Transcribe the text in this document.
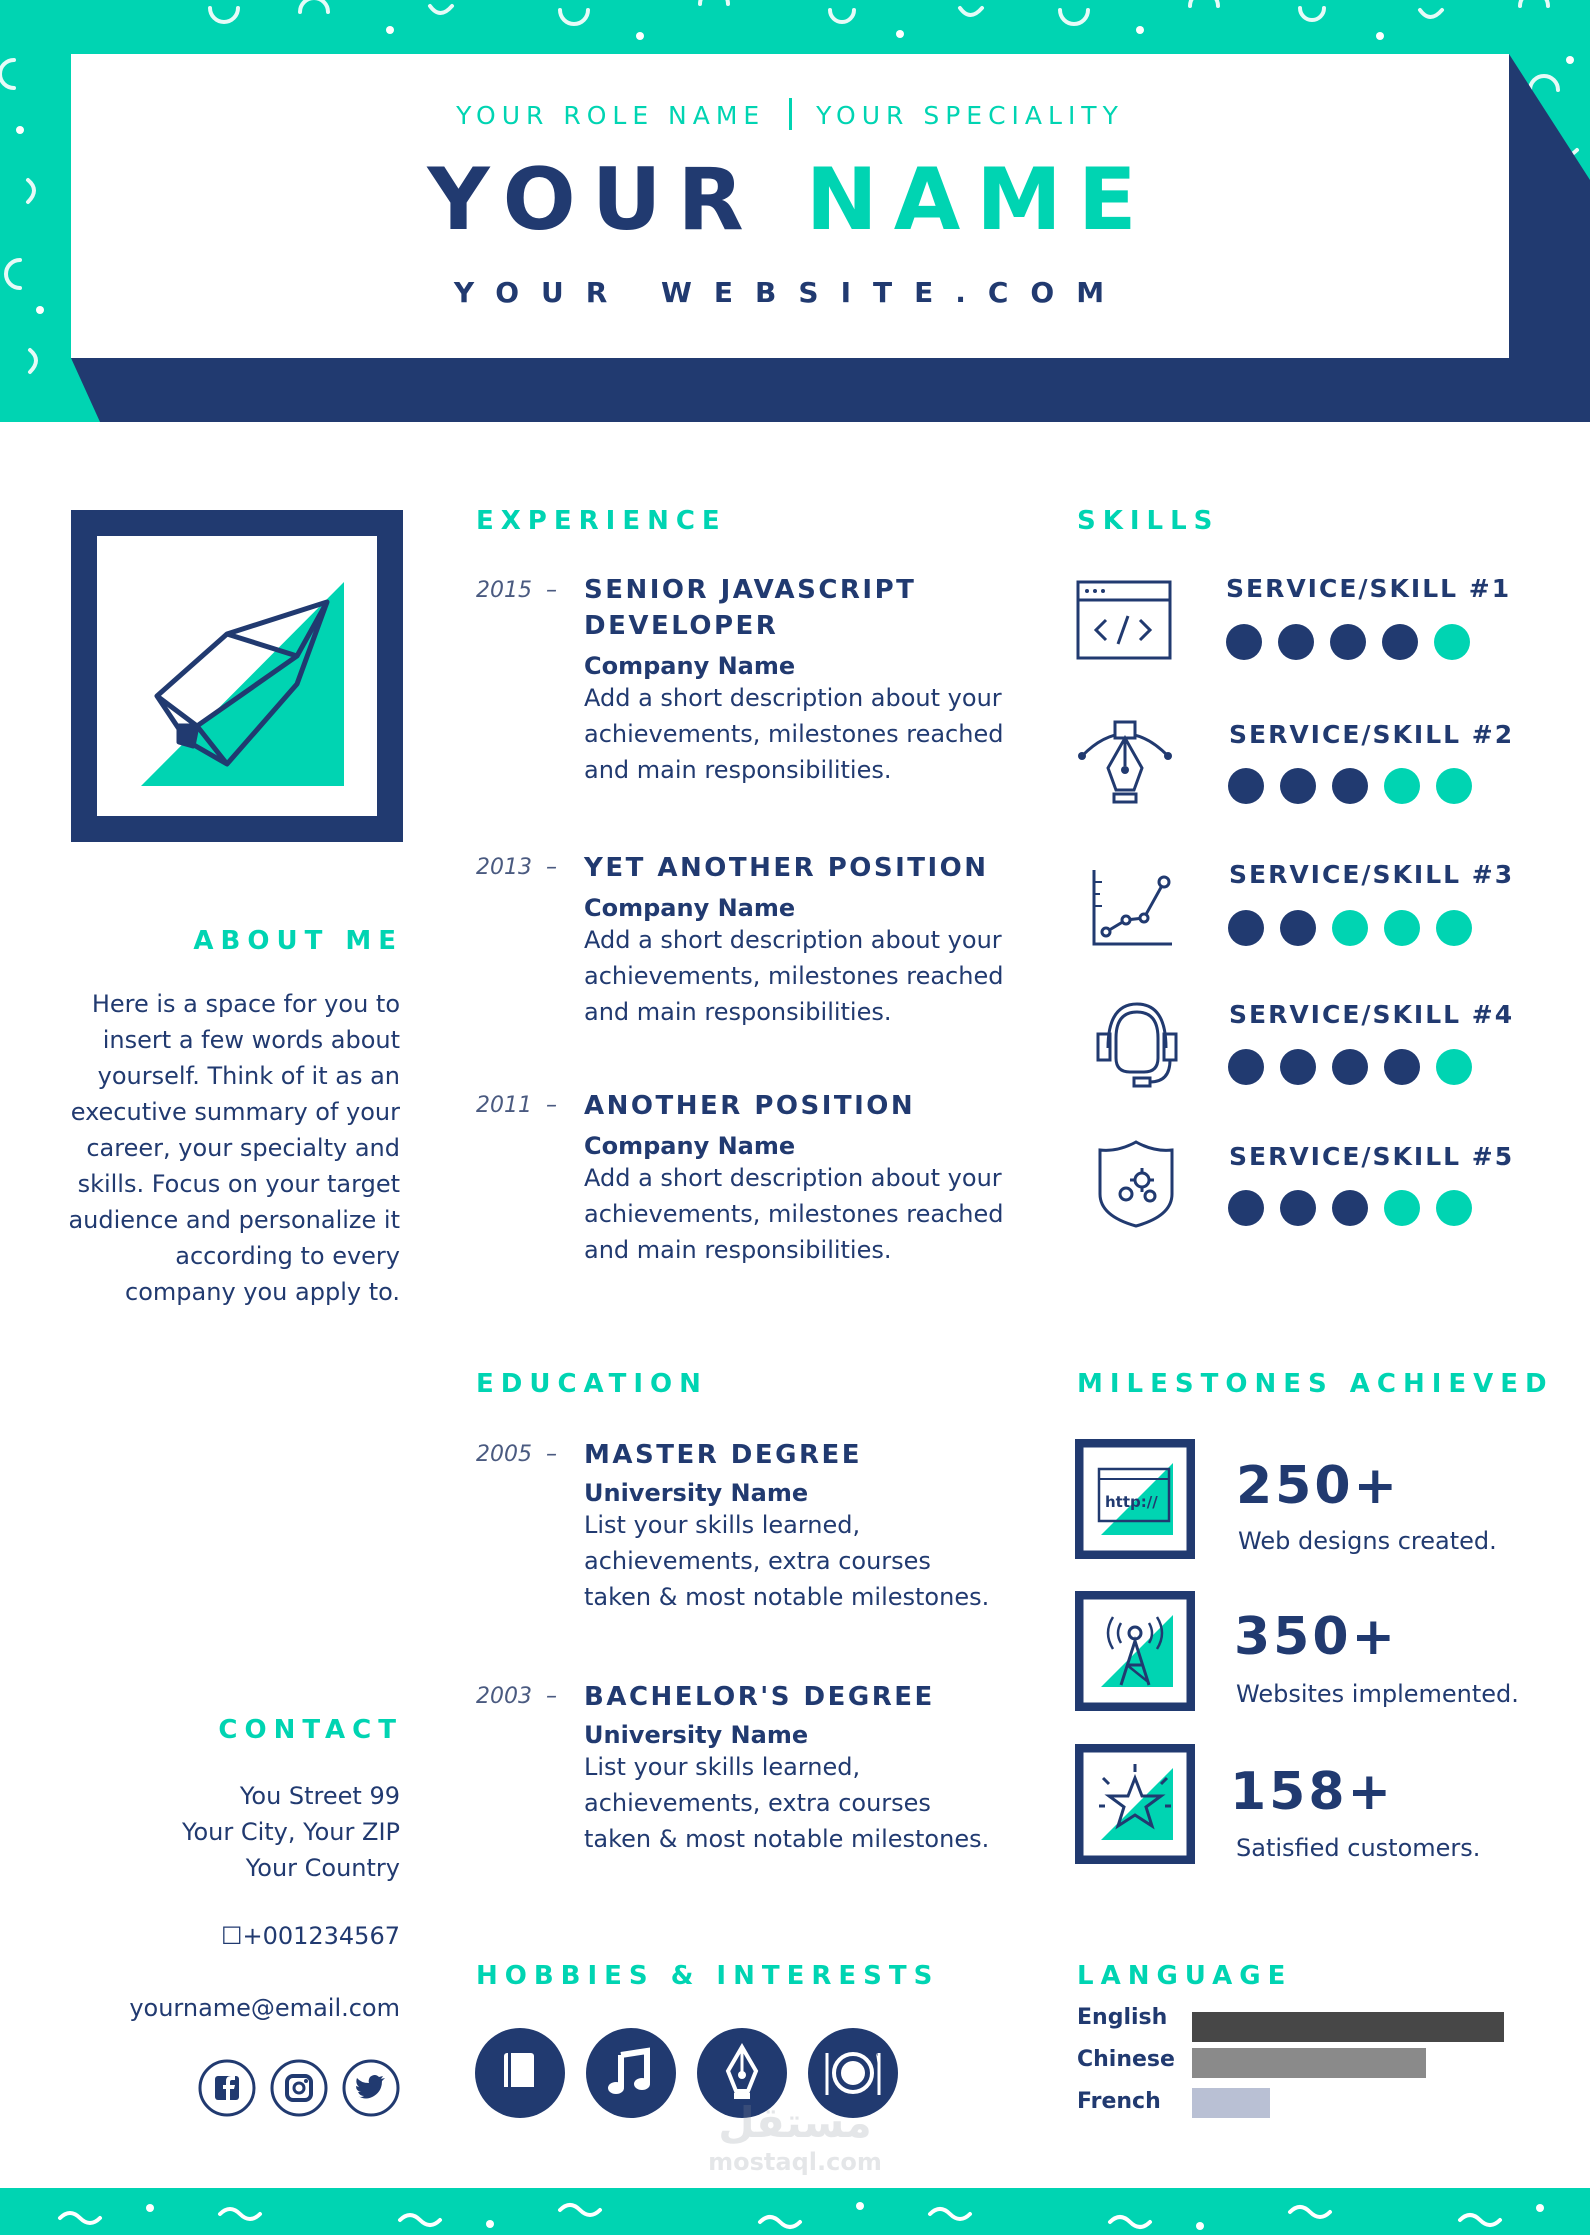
YOUR ROLE NAME YOUR SPECIALITY
YOUR NAME
YOUR WEBSITE.COM
ABOUT ME
Here is a space for you to
insert a few words about
yourself. Think of it as an
executive summary of your
career, your specialty and
skills. Focus on your target
audience and personalize it
according to every
company you apply to.
CONTACT
You Street 99
Your City, Your ZIP
Your Country
☐+001234567
yourname@email.com
EXPERIENCE
2015  – SENIOR JAVASCRIPT
DEVELOPER
Company Name
Add a short description about your
achievements, milestones reached
and main responsibilities.
2013  – YET ANOTHER POSITION
Company Name
Add a short description about your
achievements, milestones reached
and main responsibilities.
2011  – ANOTHER POSITION
Company Name
Add a short description about your
achievements, milestones reached
and main responsibilities.
EDUCATION
2005  – MASTER DEGREE
University Name
List your skills learned,
achievements, extra courses
taken & most notable milestones.
2003  – BACHELOR'S DEGREE
University Name
List your skills learned,
achievements, extra courses
taken & most notable milestones.
HOBBIES & INTERESTS
مستقل
mostaql.com
SKILLS
SERVICE/SKILL #1
SERVICE/SKILL #2
SERVICE/SKILL #3
SERVICE/SKILL #4
SERVICE/SKILL #5
MILESTONES ACHIEVED
http:// 250+
Web designs created.
350+
Websites implemented.
158+
Satisfied customers.
LANGUAGE
English
Chinese
French
